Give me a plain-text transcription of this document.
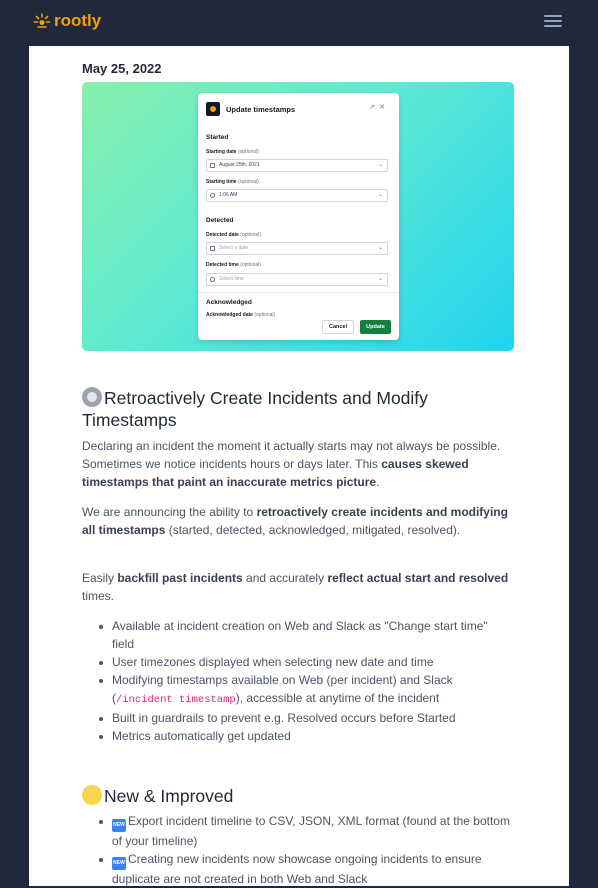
rootly
May 25, 2022
Update timestamps	↗✕
Started
Starting date (optional)
August 25th, 2021	⌄
Starting time (optional)
1:06 AM	⌄
Detected
Detected date (optional)
Select a date	⌄
Detected time (optional)
Select time	⌄
Acknowledged
Acknowledged date (optional)
Cancel	Update
Retroactively Create Incidents and Modify Timestamps
Declaring an incident the moment it actually starts may not always be possible. Sometimes we notice incidents hours or days later. This causes skewed timestamps that paint an inaccurate metrics picture.
We are announcing the ability to retroactively create incidents and modifying all timestamps (started, detected, acknowledged, mitigated, resolved).
Easily backfill past incidents and accurately reflect actual start and resolved times.
Available at incident creation on Web and Slack as "Change start time" field
User timezones displayed when selecting new date and time
Modifying timestamps available on Web (per incident) and Slack (/incident timestamp), accessible at anytime of the incident
Built in guardrails to prevent e.g. Resolved occurs before Started
Metrics automatically get updated
New & Improved
NEW Export incident timeline to CSV, JSON, XML format (found at the bottom of your timeline)
NEW Creating new incidents now showcase ongoing incidents to ensure duplicate are not created in both Web and Slack
